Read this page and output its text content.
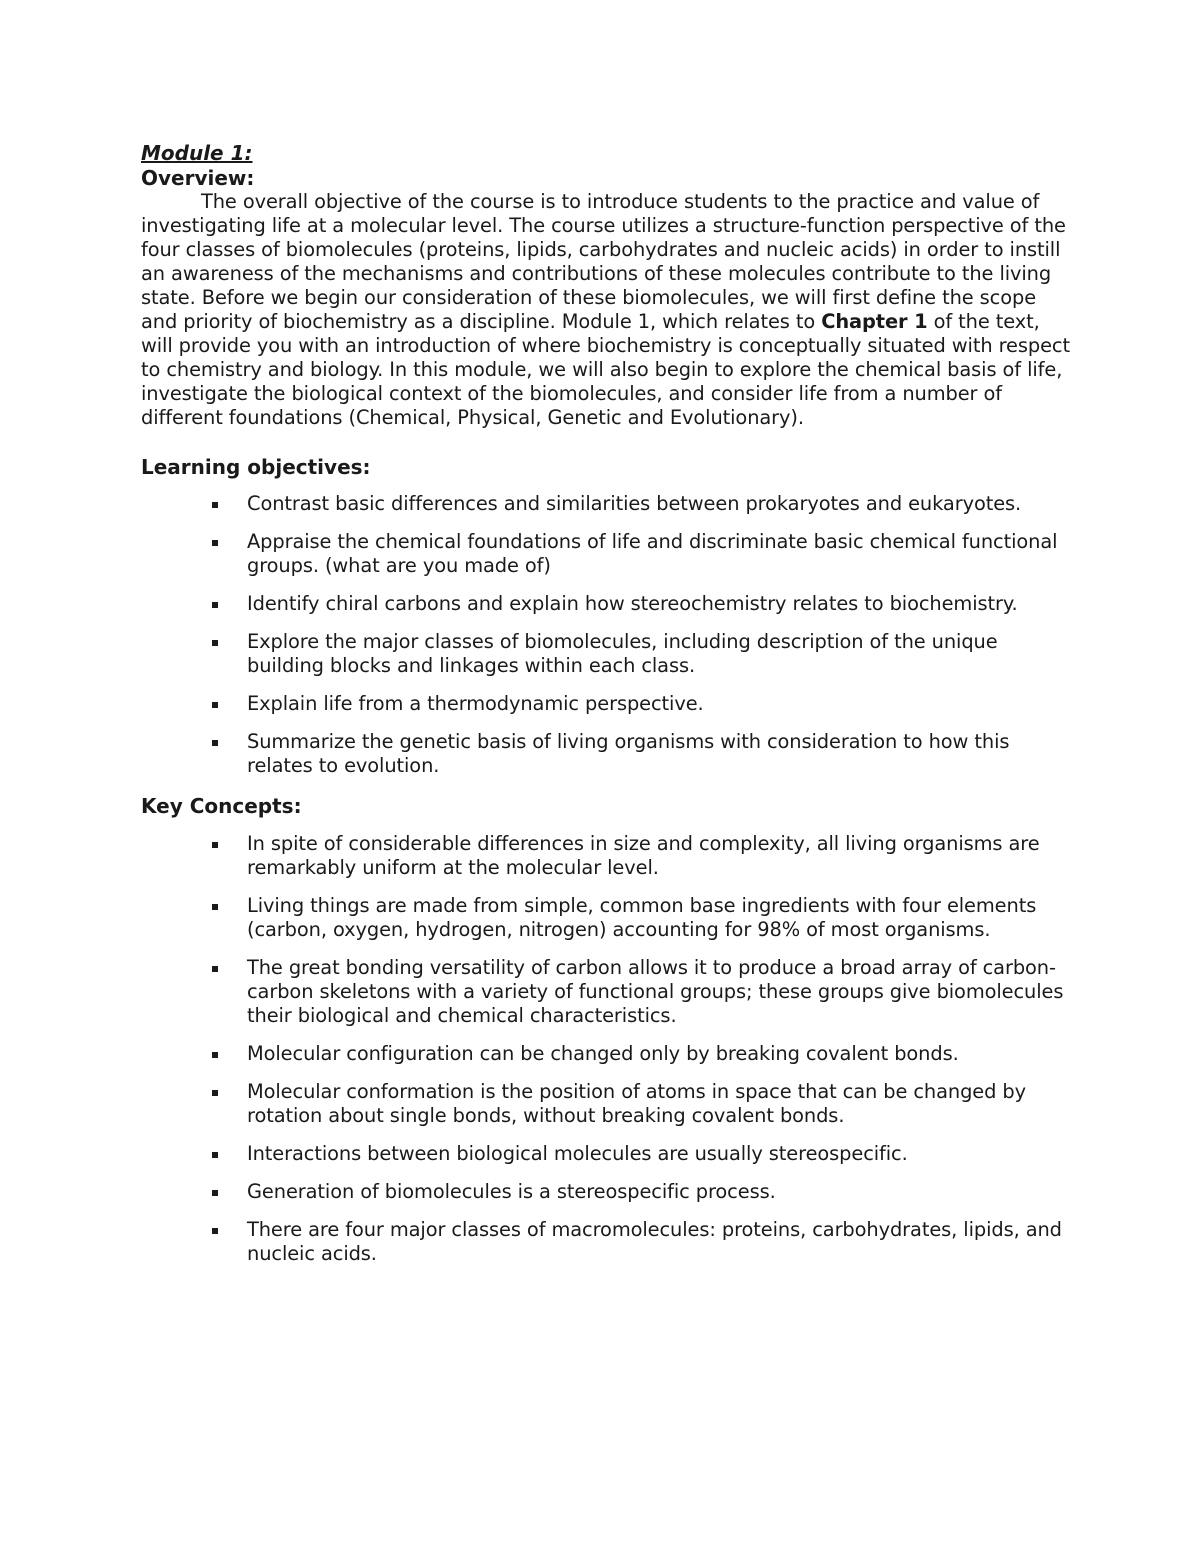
Module 1:

Overview:

The overall objective of the course is to introduce students to the practice and value of investigating life at a molecular level. The course utilizes a structure-function perspective of the four classes of biomolecules (proteins, lipids, carbohydrates and nucleic acids) in order to instill an awareness of the mechanisms and contributions of these molecules contribute to the living state. Before we begin our consideration of these biomolecules, we will first define the scope and priority of biochemistry as a discipline. Module 1, which relates to Chapter 1 of the text, will provide you with an introduction of where biochemistry is conceptually situated with respect to chemistry and biology. In this module, we will also begin to explore the chemical basis of life, investigate the biological context of the biomolecules, and consider life from a number of different foundations (Chemical, Physical, Genetic and Evolutionary).

Learning objectives:

Contrast basic differences and similarities between prokaryotes and eukaryotes.
Appraise the chemical foundations of life and discriminate basic chemical functional groups. (what are you made of)
Identify chiral carbons and explain how stereochemistry relates to biochemistry.
Explore the major classes of biomolecules, including description of the unique building blocks and linkages within each class.
Explain life from a thermodynamic perspective.
Summarize the genetic basis of living organisms with consideration to how this relates to evolution.

Key Concepts:

In spite of considerable differences in size and complexity, all living organisms are remarkably uniform at the molecular level.
Living things are made from simple, common base ingredients with four elements (carbon, oxygen, hydrogen, nitrogen) accounting for 98% of most organisms.
The great bonding versatility of carbon allows it to produce a broad array of carbon-carbon skeletons with a variety of functional groups; these groups give biomolecules their biological and chemical characteristics.
Molecular configuration can be changed only by breaking covalent bonds.
Molecular conformation is the position of atoms in space that can be changed by rotation about single bonds, without breaking covalent bonds.
Interactions between biological molecules are usually stereospecific.
Generation of biomolecules is a stereospecific process.
There are four major classes of macromolecules: proteins, carbohydrates, lipids, and nucleic acids.
